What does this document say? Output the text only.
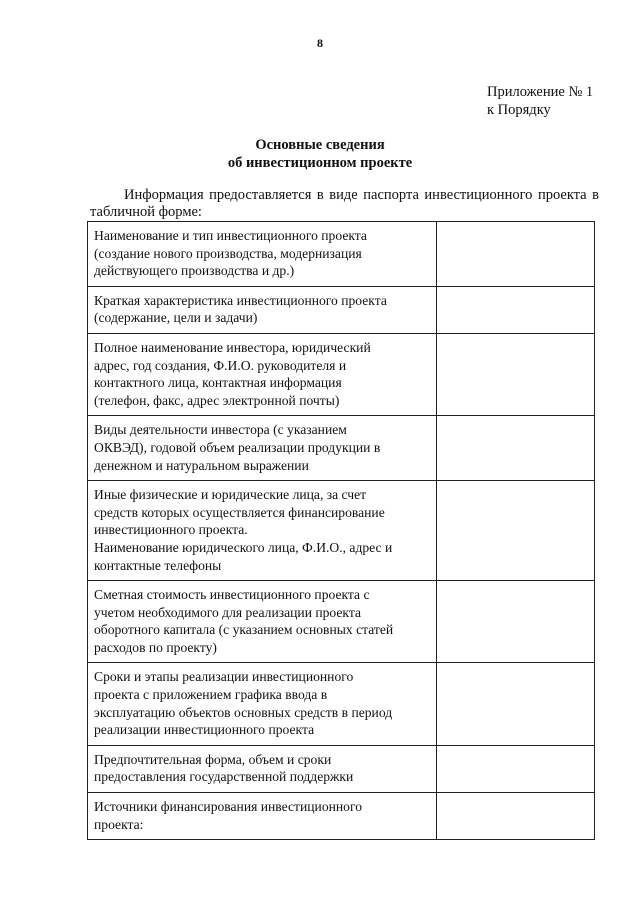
8
Приложение № 1
к Порядку
Основные сведения
об инвестиционном проекте
Информация предоставляется в виде паспорта инвестиционного проекта в табличной форме:
Наименование и тип инвестиционного проекта
(создание нового производства, модернизация
действующего производства и др.)	

Краткая характеристика инвестиционного проекта
(содержание, цели и задачи)	

Полное наименование инвестора, юридический
адрес, год создания, Ф.И.О. руководителя и
контактного лица, контактная информация
(телефон, факс, адрес электронной почты)	

Виды деятельности инвестора (с указанием
ОКВЭД), годовой объем реализации продукции в
денежном и натуральном выражении	

Иные физические и юридические лица, за счет
средств которых осуществляется финансирование
инвестиционного проекта.
Наименование юридического лица, Ф.И.О., адрес и
контактные телефоны	

Сметная стоимость инвестиционного проекта с
учетом необходимого для реализации проекта
оборотного капитала (с указанием основных статей
расходов по проекту)	

Сроки и этапы реализации инвестиционного
проекта с приложением графика ввода в
эксплуатацию объектов основных средств в период
реализации инвестиционного проекта	

Предпочтительная форма, объем и сроки
предоставления государственной поддержки	

Источники финансирования инвестиционного
проекта:	
